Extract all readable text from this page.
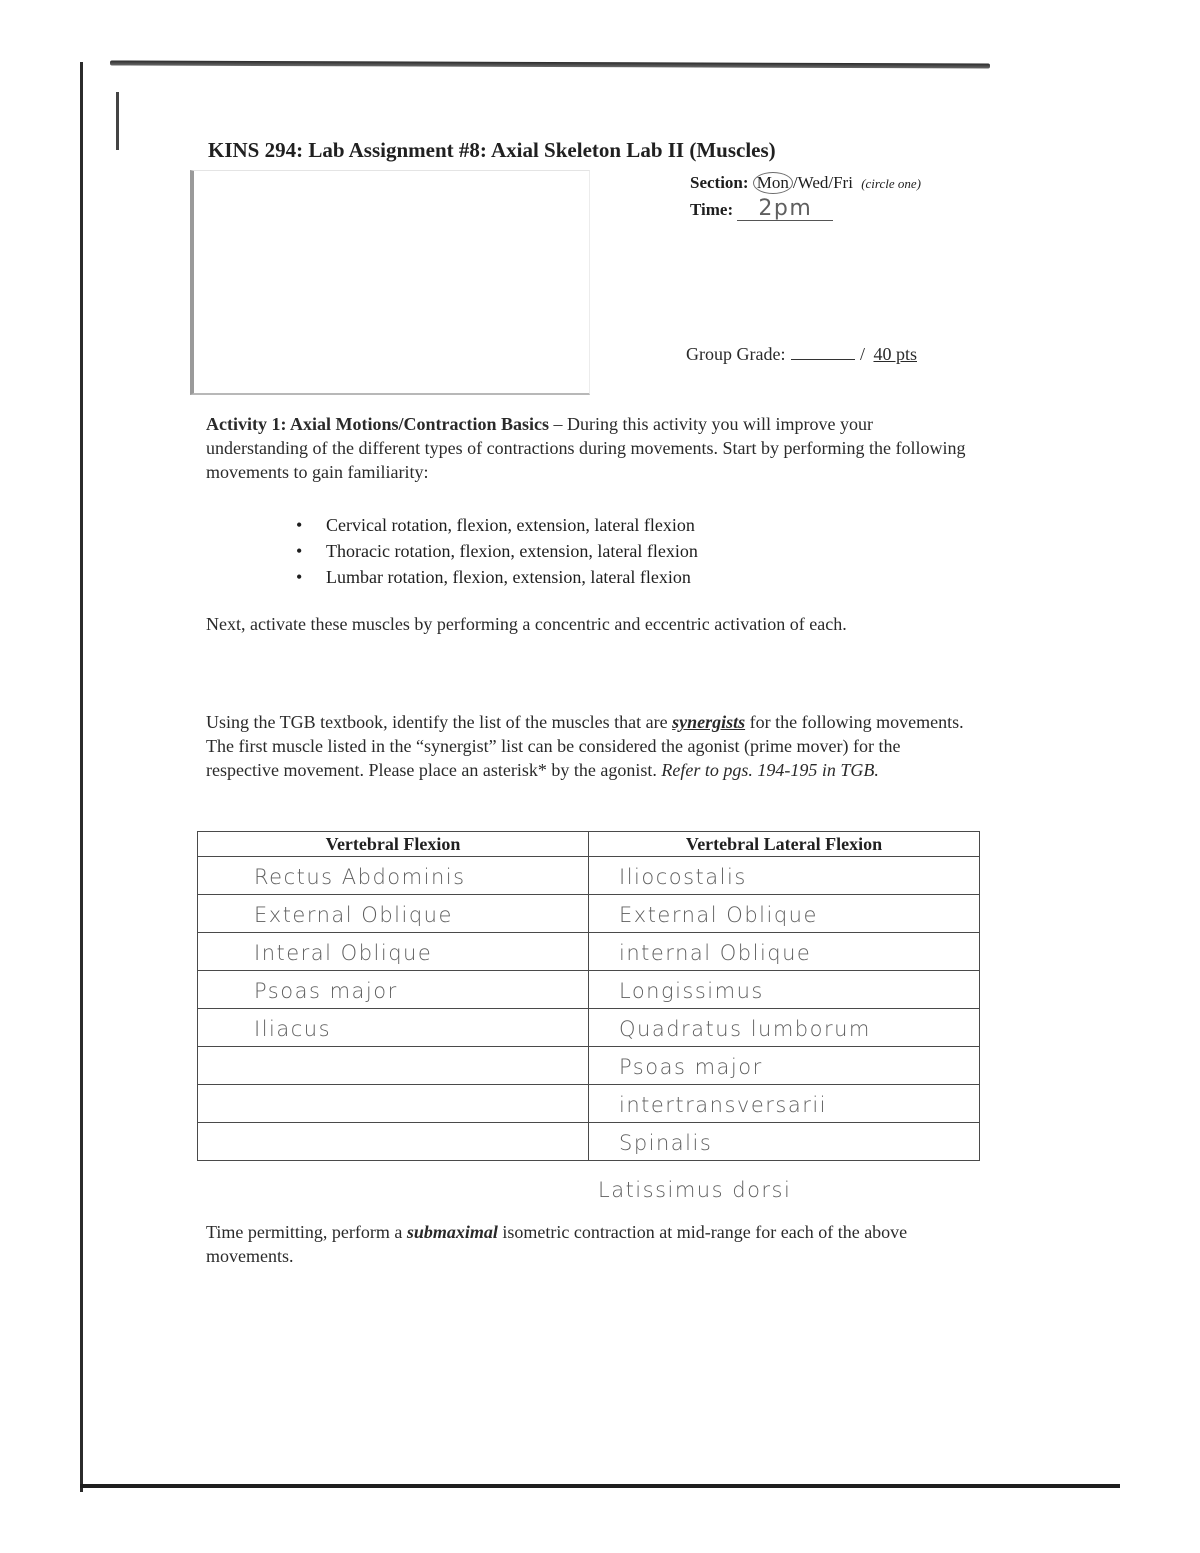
KINS 294: Lab Assignment #8: Axial Skeleton Lab II (Muscles)
Section: Mon /Wed/Fri (circle one)
Time: 2pm
Group Grade:	/ 40 pts
Activity 1: Axial Motions/Contraction Basics – During this activity you will improve your understanding of the different types of contractions during movements. Start by performing the following movements to gain familiarity:
• Cervical rotation, flexion, extension, lateral flexion
• Thoracic rotation, flexion, extension, lateral flexion
• Lumbar rotation, flexion, extension, lateral flexion
Next, activate these muscles by performing a concentric and eccentric activation of each.
Using the TGB textbook, identify the list of the muscles that are synergists for the following movements. The first muscle listed in the “synergist” list can be considered the agonist (prime mover) for the respective movement. Please place an asterisk* by the agonist. Refer to pgs. 194-195 in TGB.
Vertebral Flexion	Vertebral Lateral Flexion

Rectus Abdominis	Iliocostalis

External Oblique	External Oblique

Interal Oblique	internal Oblique

Psoas major	Longissimus

Iliacus	Quadratus lumborum

	Psoas major

	intertransversarii

	Spinalis
Latissimus dorsi
Time permitting, perform a submaximal isometric contraction at mid-range for each of the above movements.
